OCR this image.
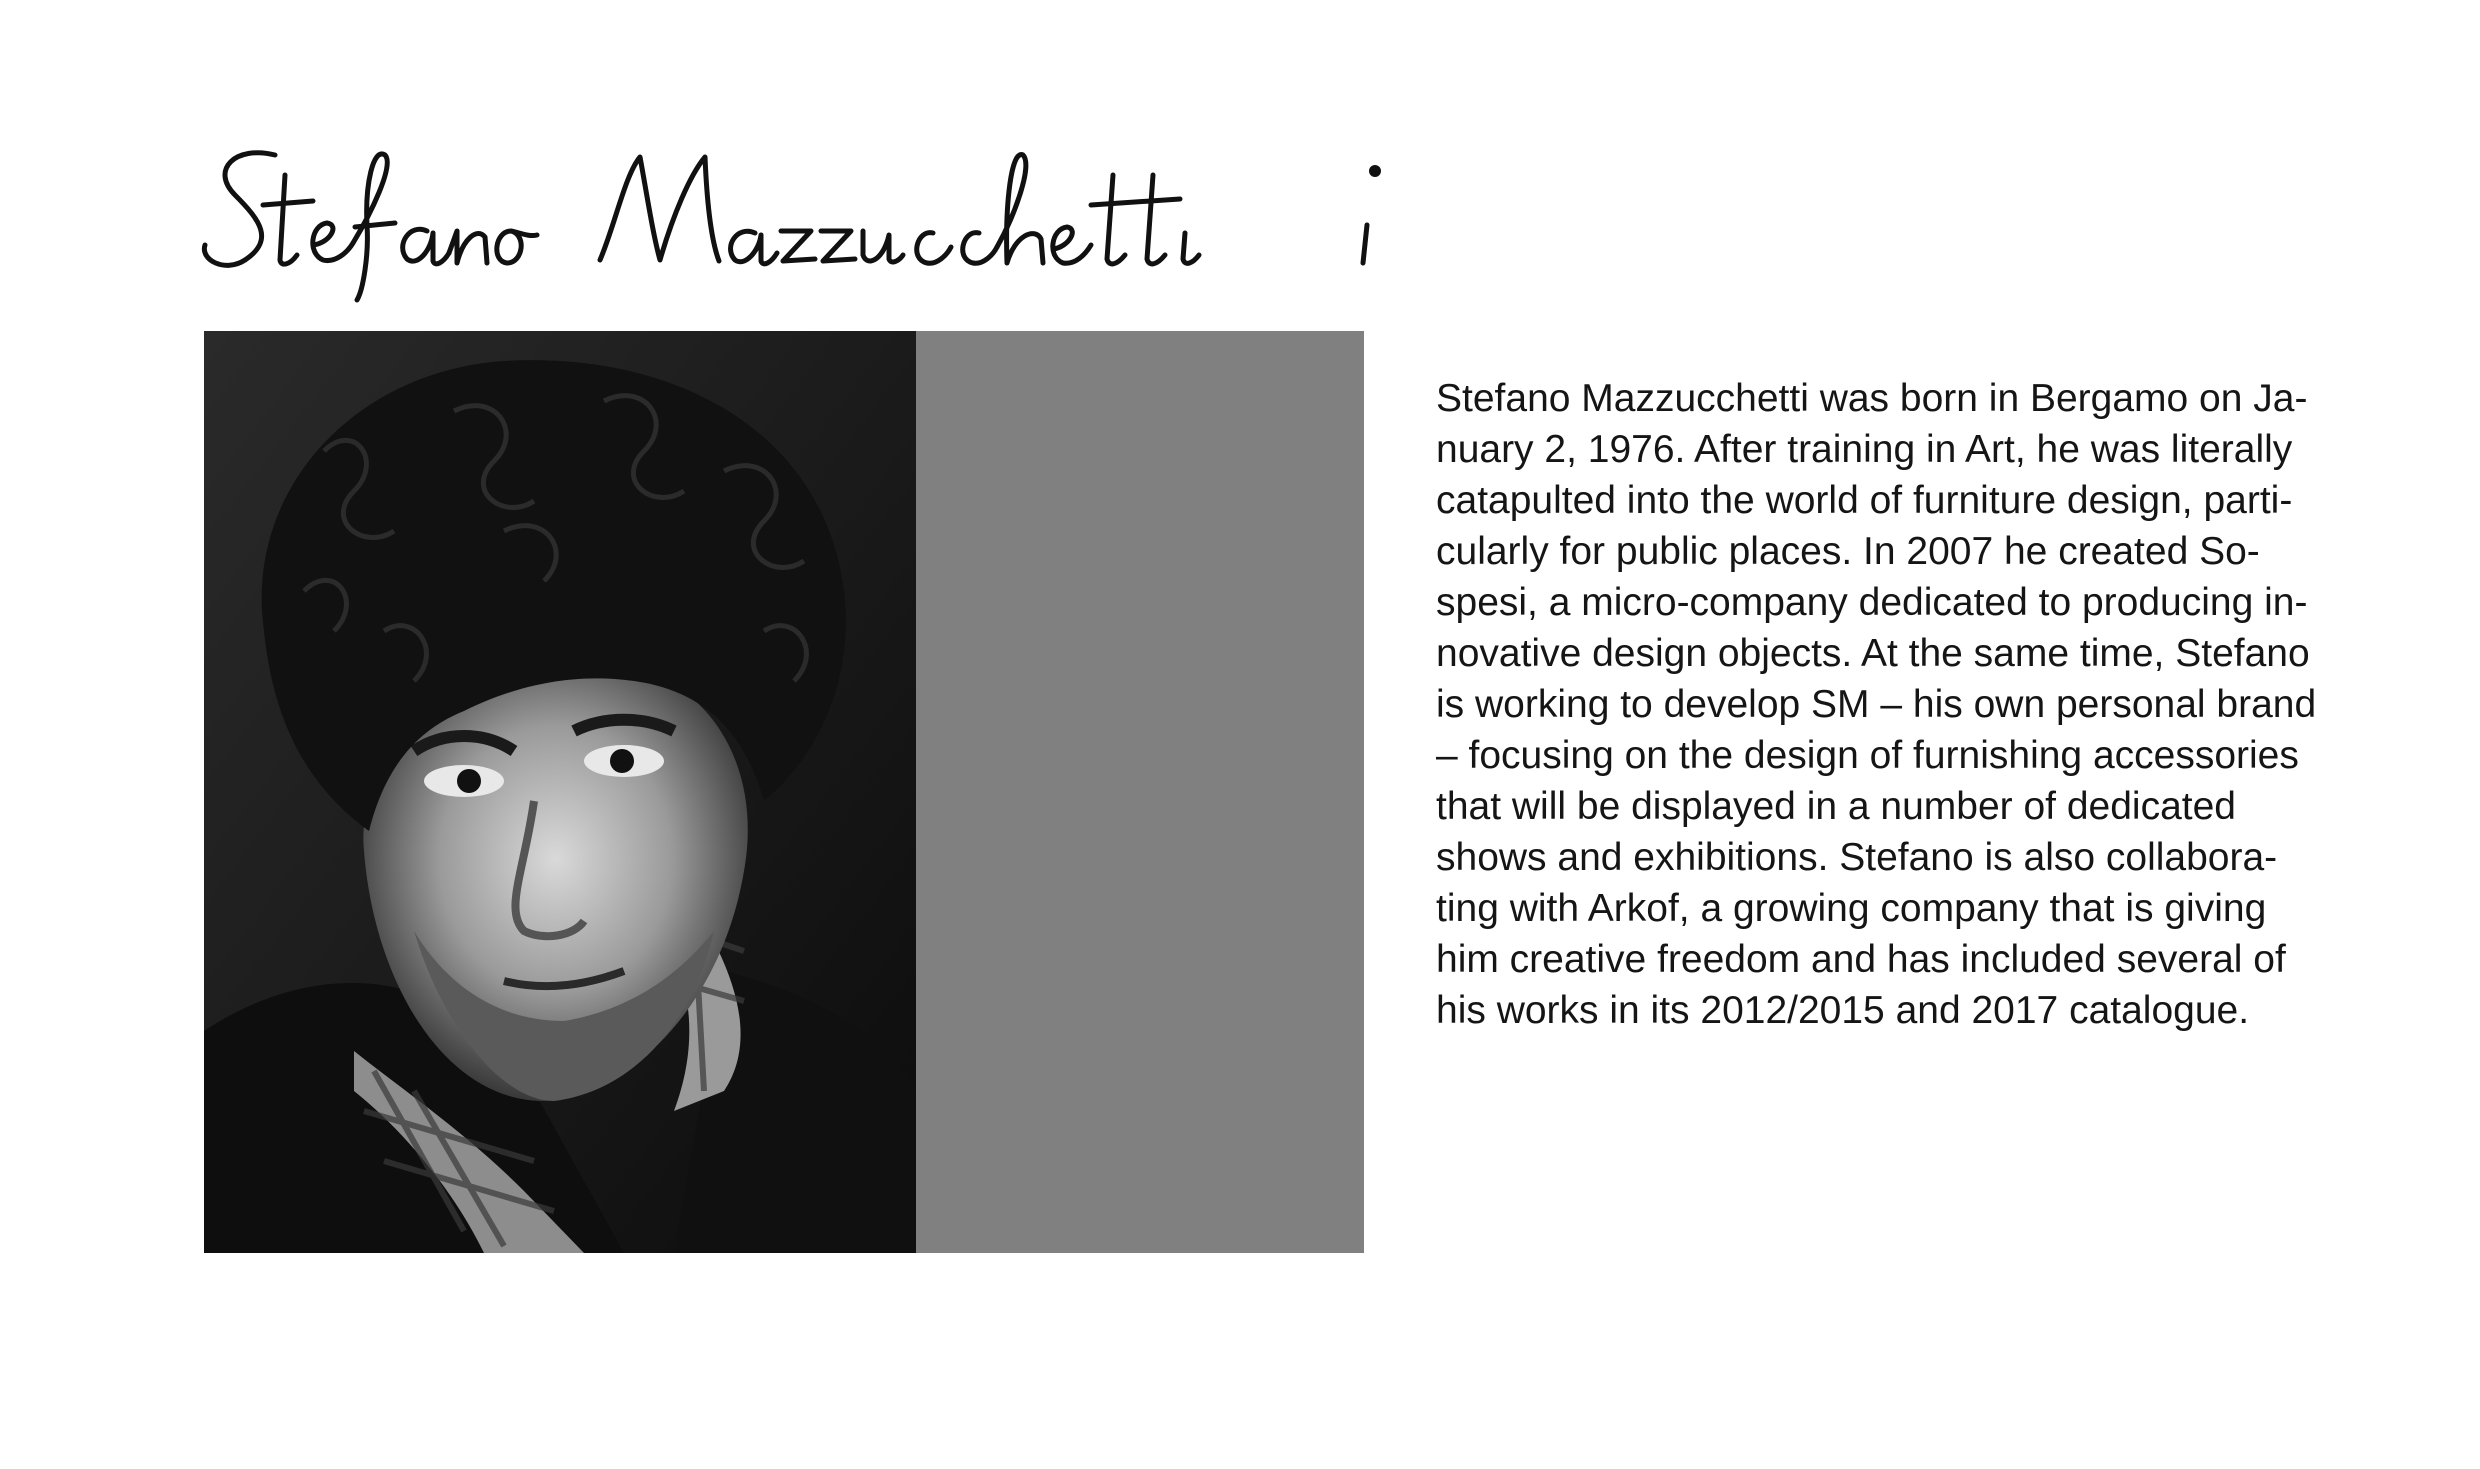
Stefano Mazzucchetti was born in Bergamo on Ja-
nuary 2, 1976. After training in Art, he was literally
catapulted into the world of furniture design, parti-
cularly for public places. In 2007 he created So-
spesi, a micro-company dedicated to producing in-
novative design objects. At the same time, Stefano
is working to develop SM – his own personal brand
– focusing on the design of furnishing accessories
that will be displayed in a number of dedicated
shows and exhibitions. Stefano is also collabora-
ting with Arkof, a growing company that is giving
him creative freedom and has included several of
his works in its 2012/2015 and 2017 catalogue.
